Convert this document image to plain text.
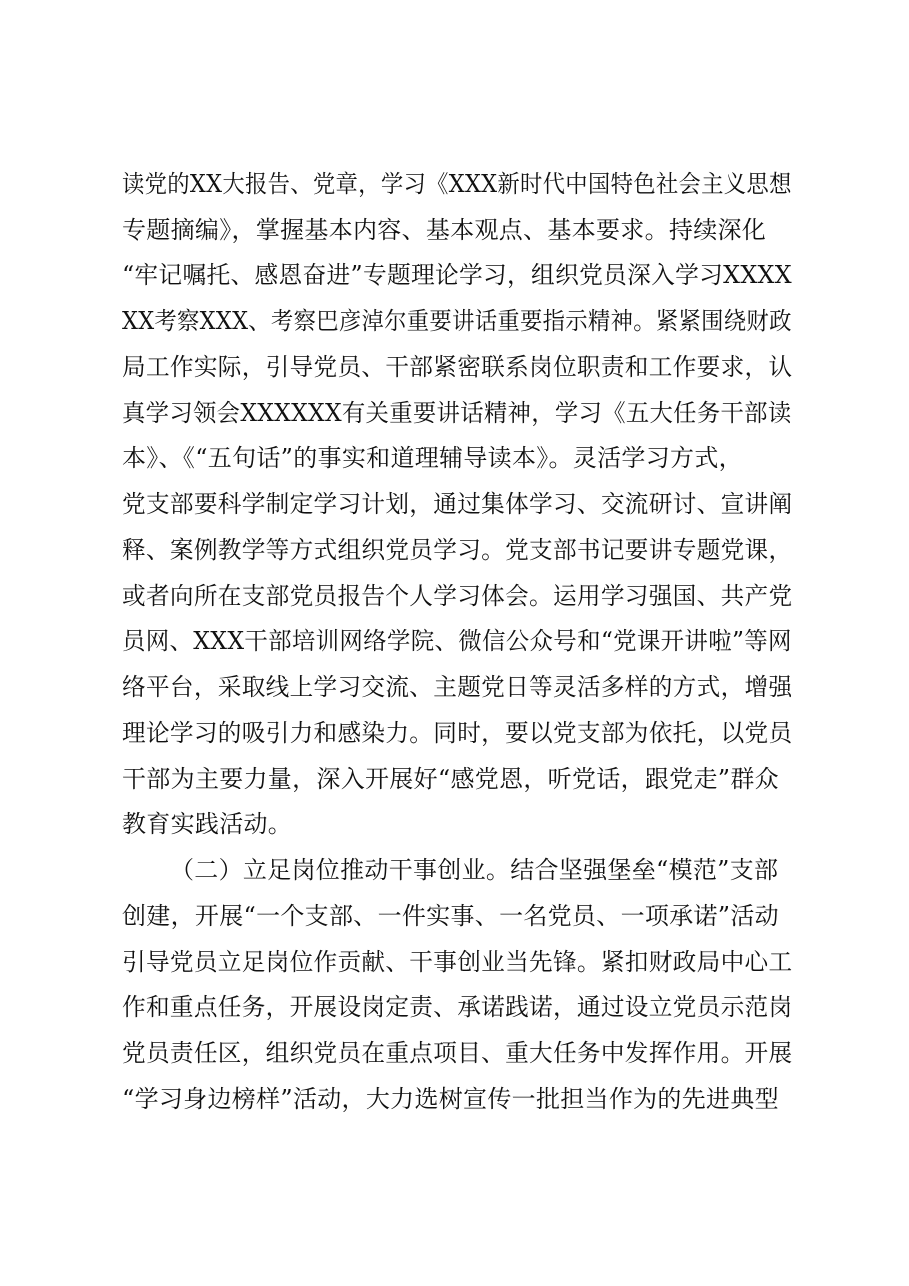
读党的XX大报告、党章，学习《XXX新时代中国特色社会主义思想
专题摘编》，掌握基本内容、基本观点、基本要求。持续深化
“牢记嘱托、感恩奋进”专题理论学习，组织党员深入学习XXXX
XX考察XXX、考察巴彦淖尔重要讲话重要指示精神。紧紧围绕财政
局工作实际，引导党员、干部紧密联系岗位职责和工作要求，认
真学习领会XXXXXX有关重要讲话精神，学习《五大任务干部读
本》、《“五句话”的事实和道理辅导读本》。灵活学习方式，
党支部要科学制定学习计划，通过集体学习、交流研讨、宣讲阐
释、案例教学等方式组织党员学习。党支部书记要讲专题党课，
或者向所在支部党员报告个人学习体会。运用学习强国、共产党
员网、XXX干部培训网络学院、微信公众号和“党课开讲啦”等网
络平台，采取线上学习交流、主题党日等灵活多样的方式，增强
理论学习的吸引力和感染力。同时，要以党支部为依托，以党员
干部为主要力量，深入开展好“感党恩，听党话，跟党走”群众
教育实践活动。
（二）立足岗位推动干事创业。结合坚强堡垒“模范”支部
创建，开展“一个支部、一件实事、一名党员、一项承诺”活动
引导党员立足岗位作贡献、干事创业当先锋。紧扣财政局中心工
作和重点任务，开展设岗定责、承诺践诺，通过设立党员示范岗
党员责任区，组织党员在重点项目、重大任务中发挥作用。开展
“学习身边榜样”活动，大力选树宣传一批担当作为的先进典型
